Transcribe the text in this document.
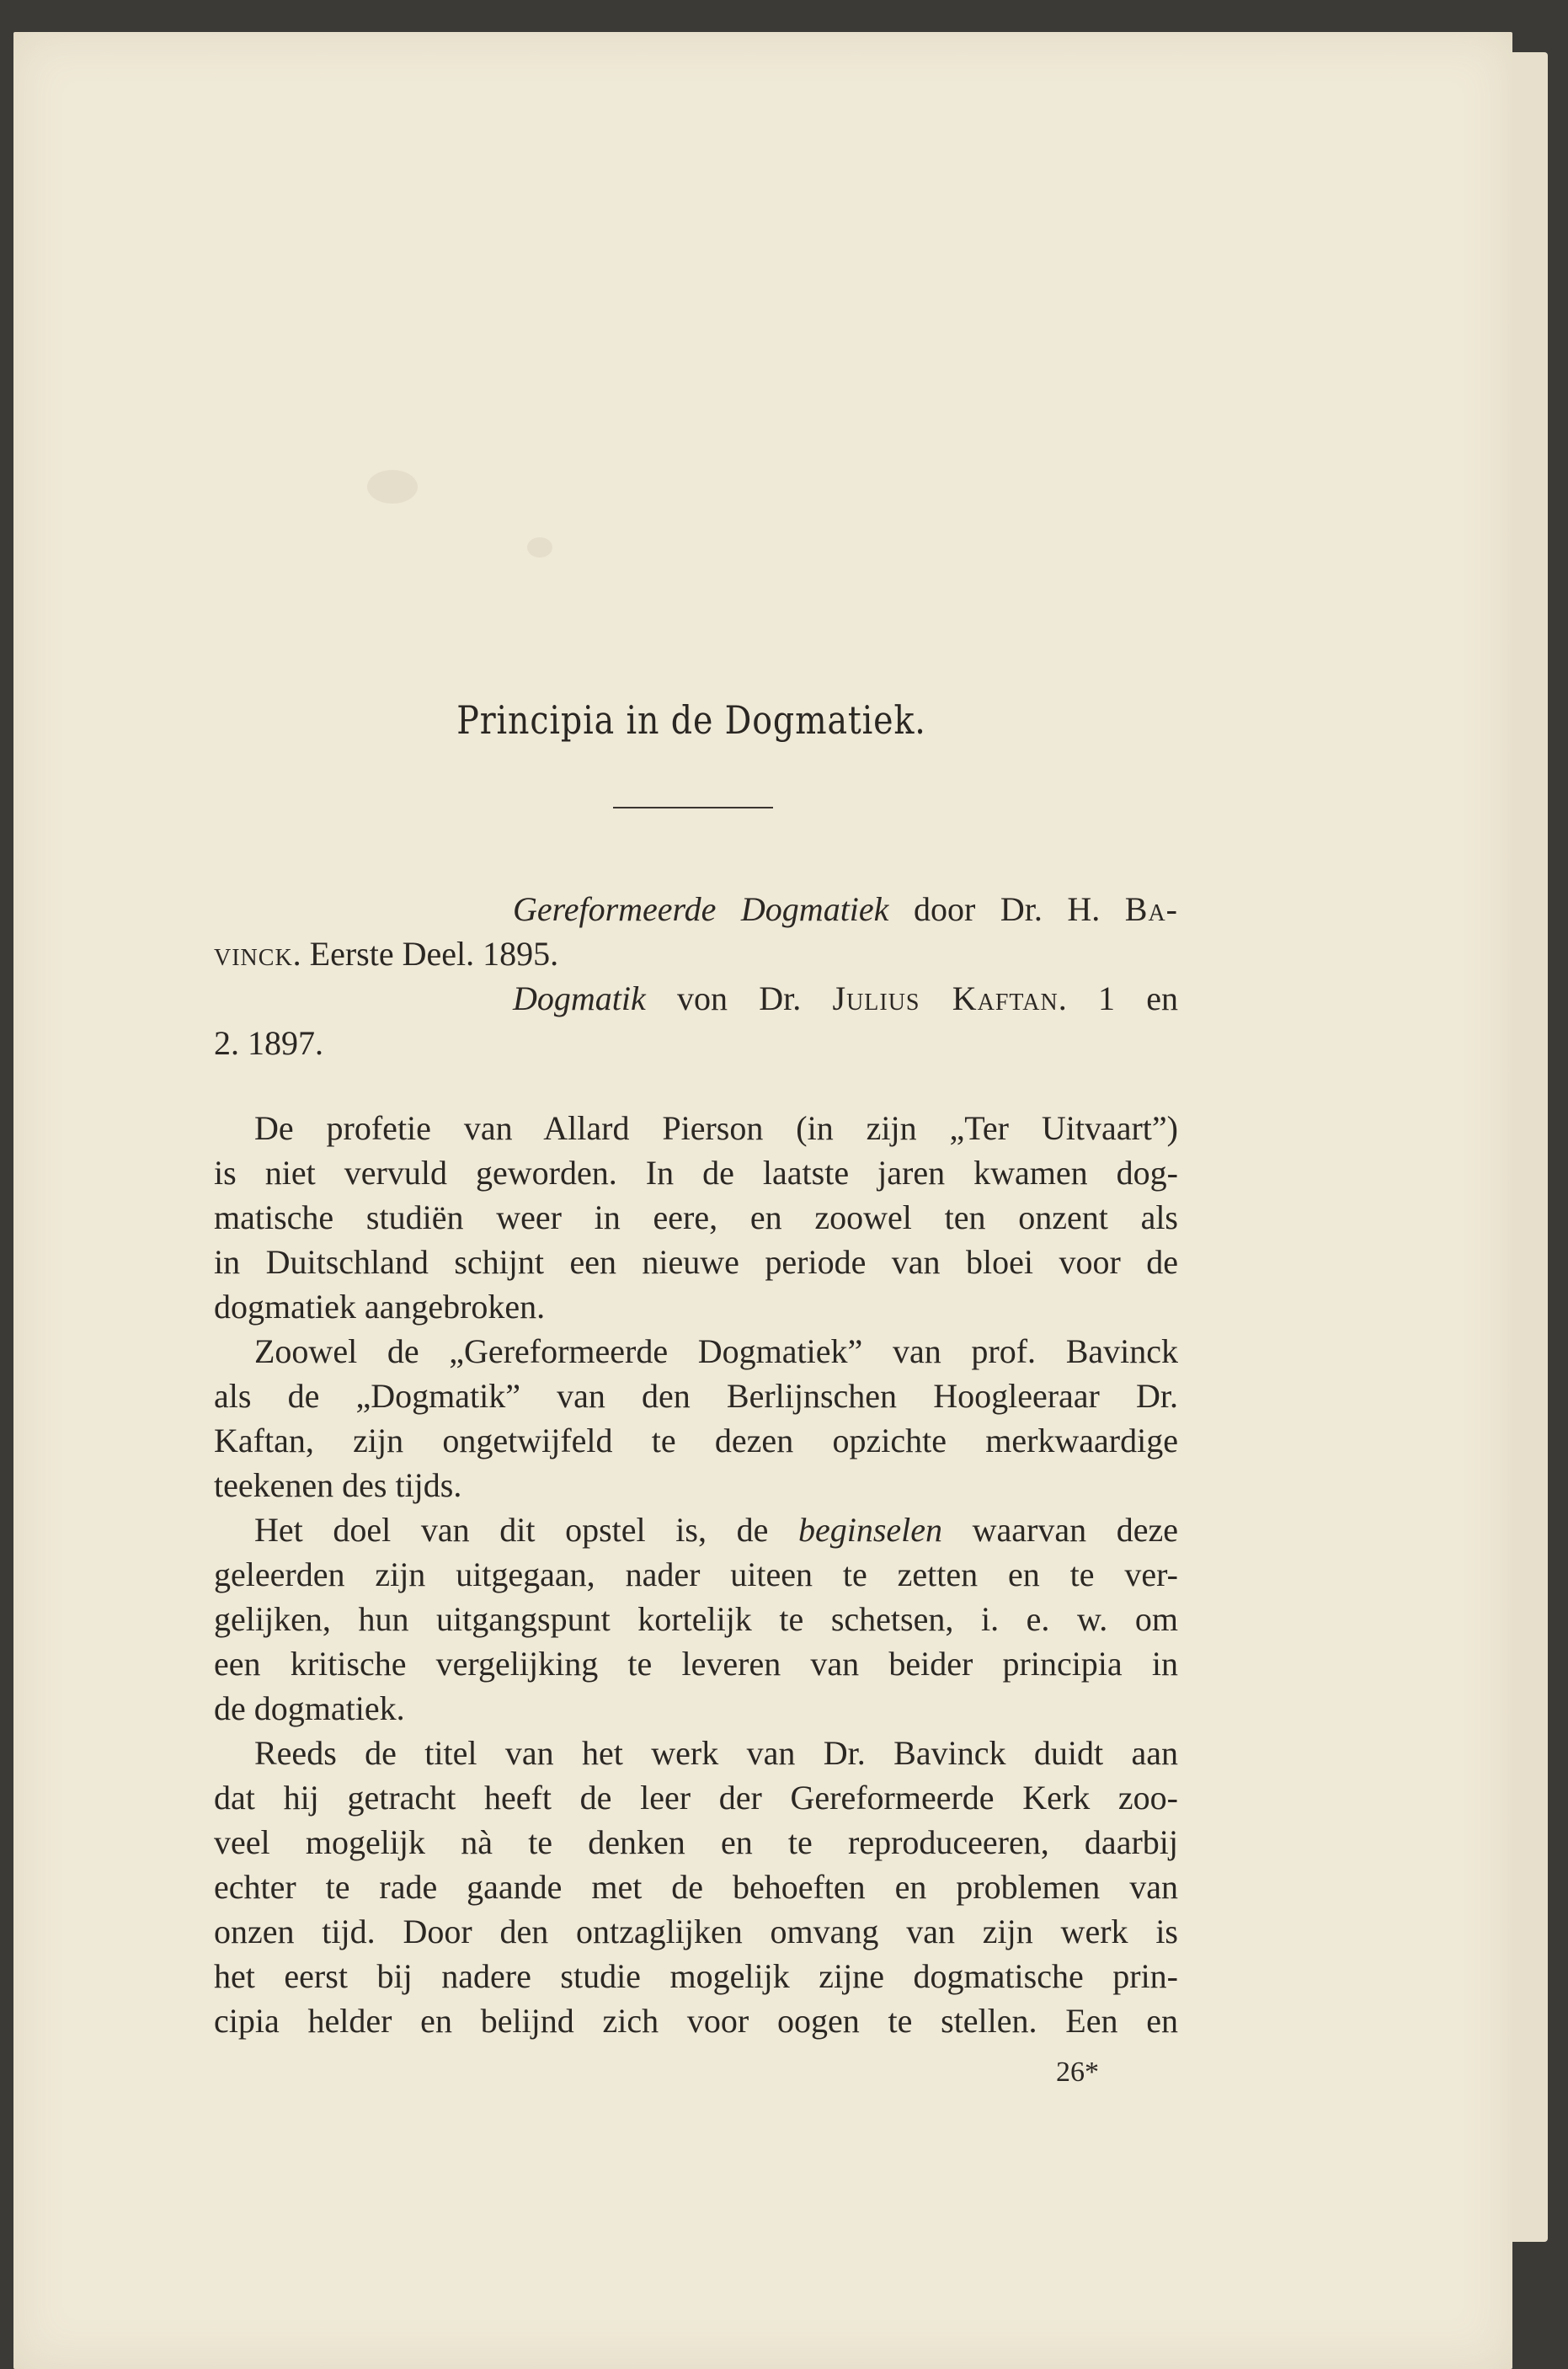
Principia in de Dogmatiek.
Gereformeerde Dogmatiek door Dr. H. Ba-
vinck. Eerste Deel. 1895.
Dogmatik von Dr. Julius Kaftan. 1 en
2. 1897.
De profetie van Allard Pierson (in zijn „Ter Uitvaart”)
is niet vervuld geworden. In de laatste jaren kwamen dog-
matische studiën weer in eere, en zoowel ten onzent als
in Duitschland schijnt een nieuwe periode van bloei voor de
dogmatiek aangebroken.
Zoowel de „Gereformeerde Dogmatiek” van prof. Bavinck
als de „Dogmatik” van den Berlijnschen Hoogleeraar Dr.
Kaftan, zijn ongetwijfeld te dezen opzichte merkwaardige
teekenen des tijds.
Het doel van dit opstel is, de beginselen waarvan deze
geleerden zijn uitgegaan, nader uiteen te zetten en te ver-
gelijken, hun uitgangspunt kortelijk te schetsen, i. e. w. om
een kritische vergelijking te leveren van beider principia in
de dogmatiek.
Reeds de titel van het werk van Dr. Bavinck duidt aan
dat hij getracht heeft de leer der Gereformeerde Kerk zoo-
veel mogelijk nà te denken en te reproduceeren, daarbij
echter te rade gaande met de behoeften en problemen van
onzen tijd. Door den ontzaglijken omvang van zijn werk is
het eerst bij nadere studie mogelijk zijne dogmatische prin-
cipia helder en belijnd zich voor oogen te stellen. Een en
26*
